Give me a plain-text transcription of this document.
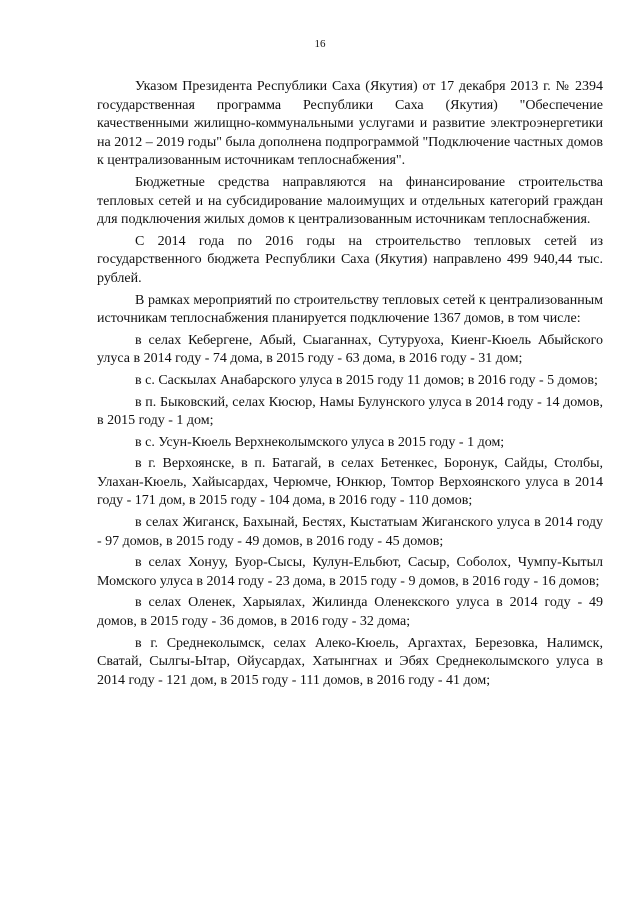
16

Указом Президента Республики Саха (Якутия) от 17 декабря 2013 г. № 2394 государственная программа Республики Саха (Якутия) "Обеспечение качественными жилищно-коммунальными услугами и развитие электроэнергетики на 2012 – 2019 годы" была дополнена подпрограммой "Подключение частных домов к централизованным источникам теплоснабжения".

Бюджетные средства направляются на финансирование строительства тепловых сетей и на субсидирование малоимущих и отдельных категорий граждан для подключения жилых домов к централизованным источникам теплоснабжения.

С 2014 года по 2016 годы на строительство тепловых сетей из государственного бюджета Республики Саха (Якутия) направлено 499 940,44 тыс. рублей.

В рамках мероприятий по строительству тепловых сетей к централизованным источникам теплоснабжения планируется подключение 1367 домов, в том числе:

в селах Кебергене, Абый, Сыаганнах, Сутуруоха, Киенг-Кюель Абыйского улуса в 2014 году - 74 дома, в 2015 году - 63 дома, в 2016 году - 31 дом;

в с. Саскылах Анабарского улуса в 2015 году 11 домов; в 2016 году - 5 домов;

в п. Быковский, селах Кюсюр, Намы Булунского улуса в 2014 году - 14 домов, в 2015 году - 1 дом;

в с. Усун-Кюель Верхнеколымского улуса в 2015 году - 1 дом;

в г. Верхоянске, в п. Батагай, в селах Бетенкес, Боронук, Сайды, Столбы, Улахан-Кюель, Хайысардах, Черюмче, Юнкюр, Томтор Верхоянского улуса в 2014 году - 171 дом, в 2015 году - 104 дома, в 2016 году - 110 домов;

в селах Жиганск, Бахынай, Бестях, Кыстатыам Жиганского улуса в 2014 году - 97 домов, в 2015 году - 49 домов, в 2016 году - 45 домов;

в селах Хонуу, Буор-Сысы, Кулун-Ельбют, Сасыр, Соболох, Чумпу-Кытыл Момского улуса в 2014 году - 23 дома, в 2015 году - 9 домов, в 2016 году - 16 домов;

в селах Оленек, Харыялах, Жилинда Оленекского улуса в 2014 году - 49 домов, в 2015 году - 36 домов, в 2016 году - 32 дома;

в г. Среднеколымск, селах Алеко-Кюель, Аргахтах, Березовка, Налимск, Сватай, Сылгы-Ытар, Ойусардах, Хатынгнах и Эбях Среднеколымского улуса в 2014 году - 121 дом, в 2015 году - 111 домов, в 2016 году - 41 дом;
